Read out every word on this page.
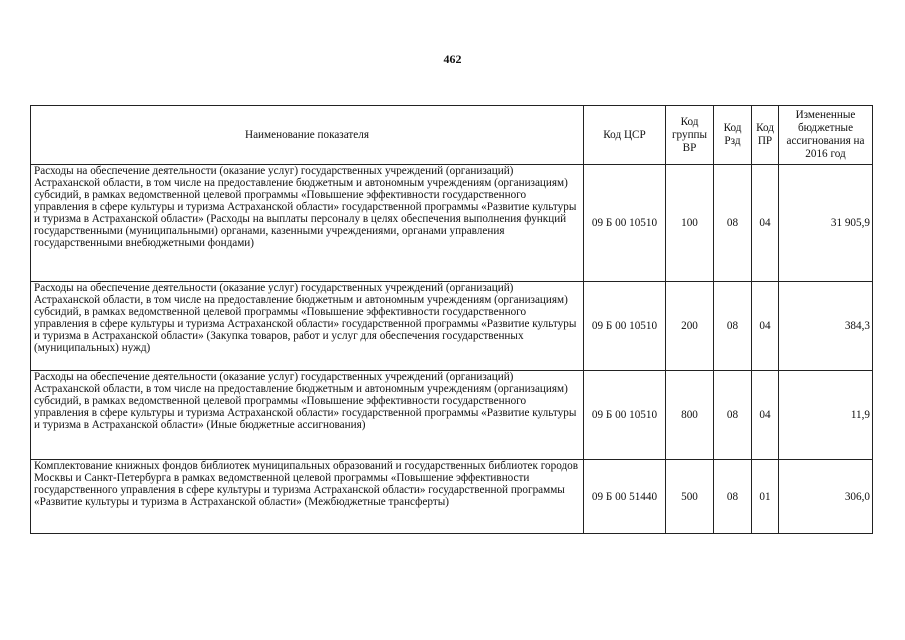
462
Наименование показателя	Код ЦСР	Код группы ВР	Код Рзд	Код ПР	Измененные бюджетные ассигнования на 2016 год
Расходы на обеспечение деятельности (оказание услуг) государственных учреждений (организаций) Астраханской области, в том числе на предоставление бюджетным и автономным учреждениям (организациям) субсидий, в рамках ведомственной целевой программы «Повышение эффективности государственного управления в сфере культуры и туризма Астраханской области» государственной программы «Развитие культуры и туризма в Астраханской области» (Расходы на выплаты персоналу в целях обеспечения выполнения функций государственными (муниципальными) органами, казенными учреждениями, органами управления государственными внебюджетными фондами)	09 Б 00 10510	100	08	04	31 905,9
Расходы на обеспечение деятельности (оказание услуг) государственных учреждений (организаций) Астраханской области, в том числе на предоставление бюджетным и автономным учреждениям (организациям) субсидий, в рамках ведомственной целевой программы «Повышение эффективности государственного управления в сфере культуры и туризма Астраханской области» государственной программы «Развитие культуры и туризма в Астраханской области» (Закупка товаров, работ и услуг для обеспечения государственных (муниципальных) нужд)	09 Б 00 10510	200	08	04	384,3
Расходы на обеспечение деятельности (оказание услуг) государственных учреждений (организаций) Астраханской области, в том числе на предоставление бюджетным и автономным учреждениям (организациям) субсидий, в рамках ведомственной целевой программы «Повышение эффективности государственного управления в сфере культуры и туризма Астраханской области» государственной программы «Развитие культуры и туризма в Астраханской области» (Иные бюджетные ассигнования)	09 Б 00 10510	800	08	04	11,9
Комплектование книжных фондов библиотек муниципальных образований и государственных библиотек городов Москвы и Санкт-Петербурга в рамках ведомственной целевой программы «Повышение эффективности государственного управления в сфере культуры и туризма Астраханской области» государственной программы «Развитие культуры и туризма в Астраханской области» (Межбюджетные трансферты)	09 Б 00 51440	500	08	01	306,0
